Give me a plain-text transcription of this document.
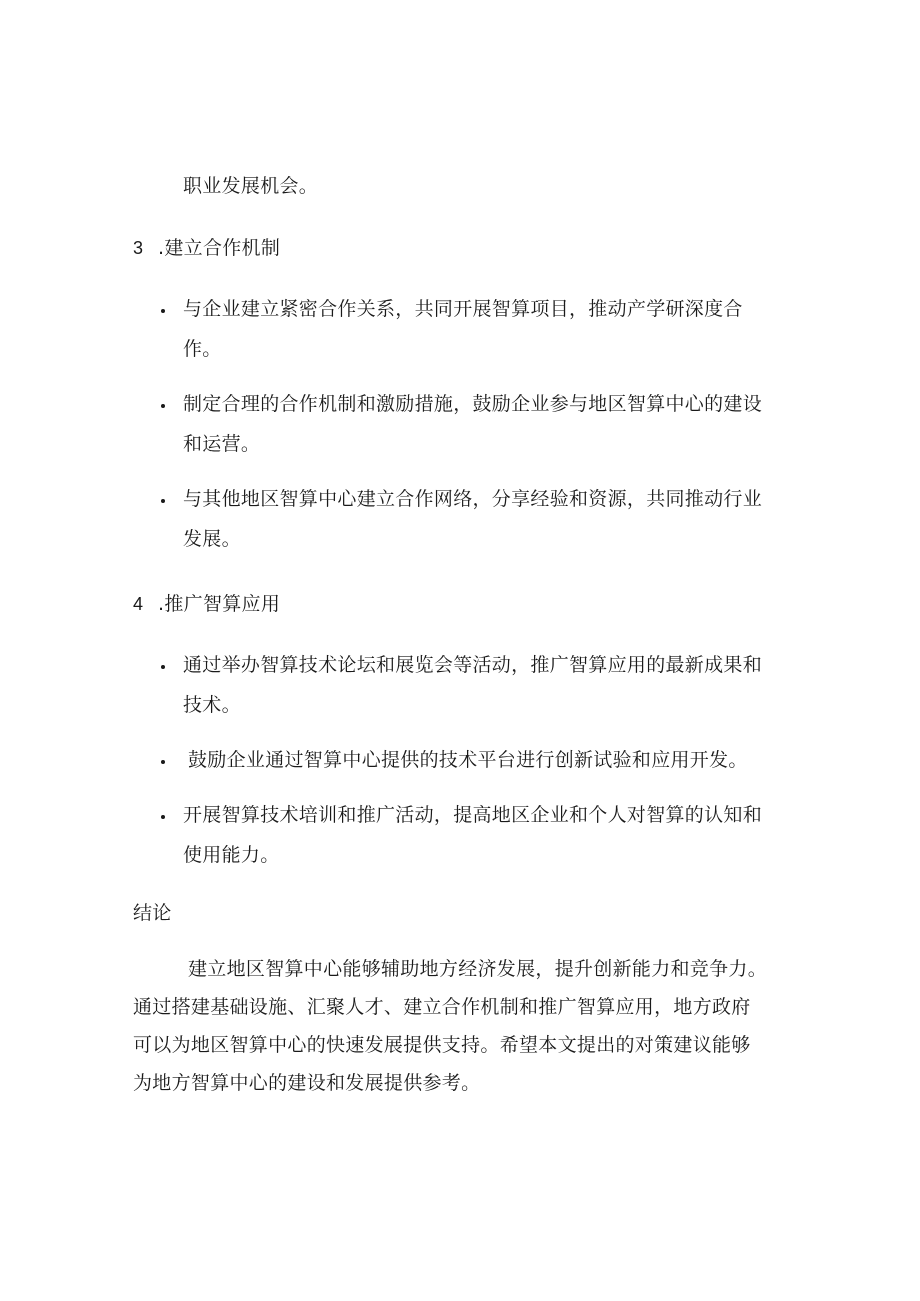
职业发展机会。
3 .建立合作机制
与企业建立紧密合作关系，共同开展智算项目，推动产学研深度合
作。
制定合理的合作机制和激励措施，鼓励企业参与地区智算中心的建设
和运营。
与其他地区智算中心建立合作网络，分享经验和资源，共同推动行业
发展。
4 .推广智算应用
通过举办智算技术论坛和展览会等活动，推广智算应用的最新成果和
技术。
鼓励企业通过智算中心提供的技术平台进行创新试验和应用开发。
开展智算技术培训和推广活动，提高地区企业和个人对智算的认知和
使用能力。
结论
建立地区智算中心能够辅助地方经济发展，提升创新能力和竞争力。
通过搭建基础设施、汇聚人才、建立合作机制和推广智算应用，地方政府
可以为地区智算中心的快速发展提供支持。希望本文提出的对策建议能够
为地方智算中心的建设和发展提供参考。
